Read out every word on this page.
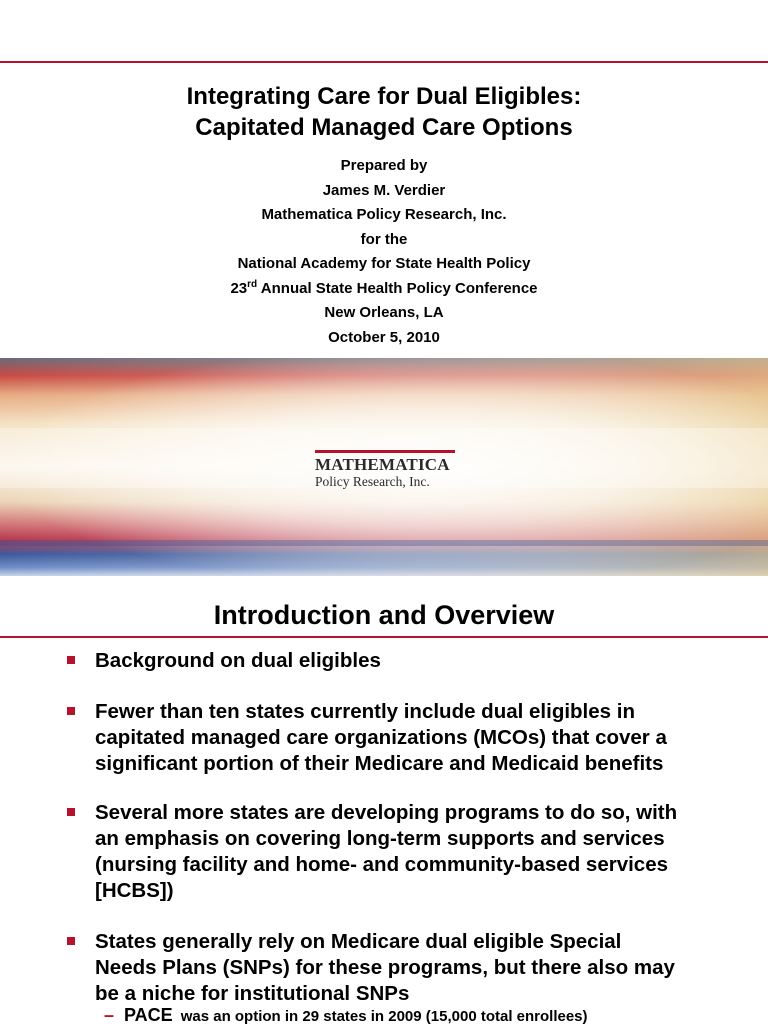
Integrating Care for Dual Eligibles:
Capitated Managed Care Options
Prepared by
James M. Verdier
Mathematica Policy Research, Inc.
for the
National Academy for State Health Policy
23rd Annual State Health Policy Conference
New Orleans, LA
October 5, 2010
MATHEMATICA
Policy Research, Inc.
Introduction and Overview
Background on dual eligibles
Fewer than ten states currently include dual eligibles in
capitated managed care organizations (MCOs) that cover a
significant portion of their Medicare and Medicaid benefits
Several more states are developing programs to do so, with
an emphasis on covering long-term supports and services
(nursing facility and home- and community-based services
[HCBS])
States generally rely on Medicare dual eligible Special
Needs Plans (SNPs) for these programs, but there also may
be a niche for institutional SNPs
– PACE was an option in 29 states in 2009 (15,000 total enrollees)
